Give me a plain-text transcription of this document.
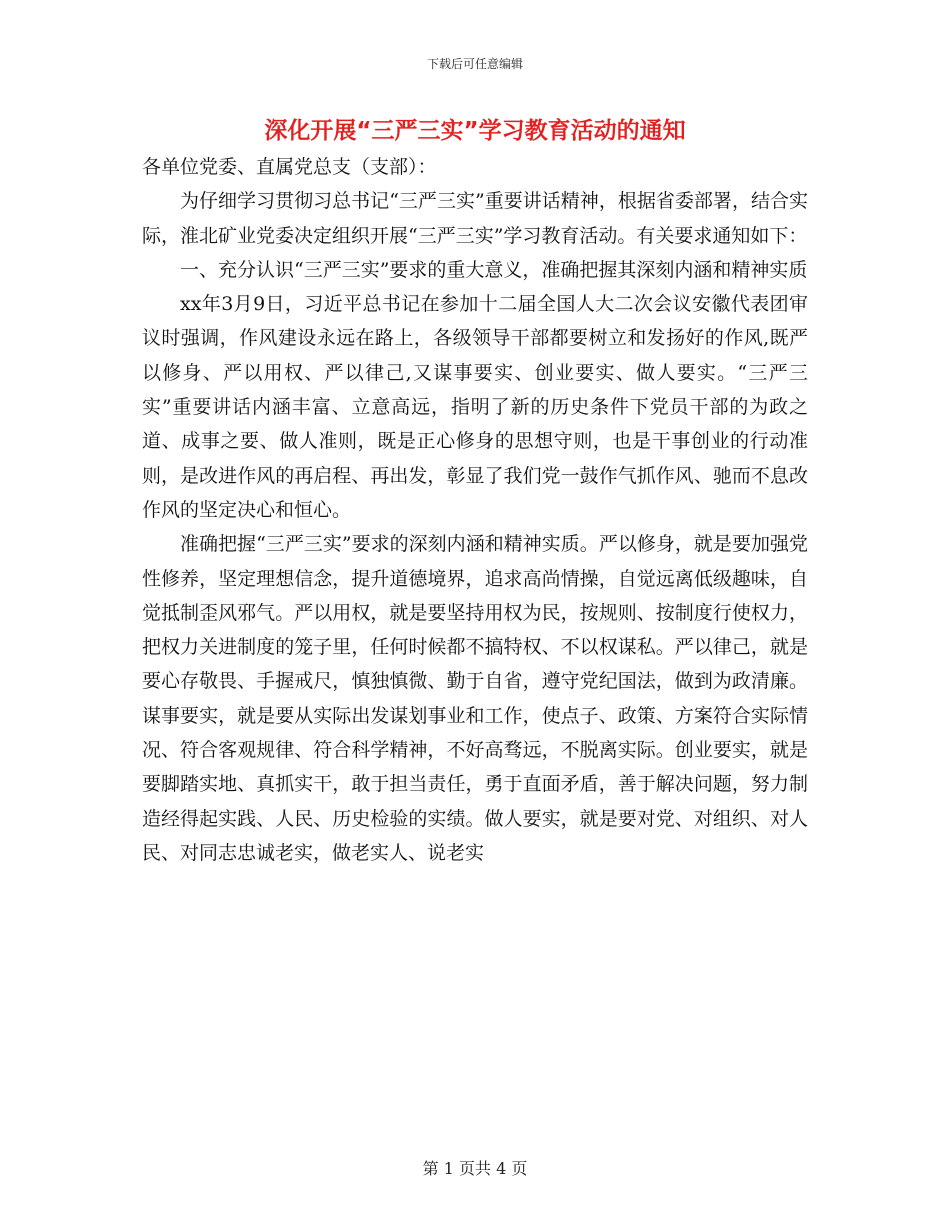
下载后可任意编辑
深化开展“三严三实”学习教育活动的通知

各单位党委、直属党总支（支部）：

为仔细学习贯彻习总书记“三严三实”重要讲话精神，根据省委部署，结合实际，淮北矿业党委决定组织开展“三严三实”学习教育活动。有关要求通知如下：

一、充分认识“三严三实”要求的重大意义，准确把握其深刻内涵和精神实质

xx年3月9日，习近平总书记在参加十二届全国人大二次会议安徽代表团审议时强调，作风建设永远在路上，各级领导干部都要树立和发扬好的作风,既严以修身、严以用权、严以律己,又谋事要实、创业要实、做人要实。“三严三实”重要讲话内涵丰富、立意高远，指明了新的历史条件下党员干部的为政之道、成事之要、做人准则，既是正心修身的思想守则，也是干事创业的行动准则，是改进作风的再启程、再出发，彰显了我们党一鼓作气抓作风、驰而不息改作风的坚定决心和恒心。

准确把握“三严三实”要求的深刻内涵和精神实质。严以修身，就是要加强党性修养，坚定理想信念，提升道德境界，追求高尚情操，自觉远离低级趣味，自觉抵制歪风邪气。严以用权，就是要坚持用权为民，按规则、按制度行使权力，把权力关进制度的笼子里，任何时候都不搞特权、不以权谋私。严以律己，就是要心存敬畏、手握戒尺，慎独慎微、勤于自省，遵守党纪国法，做到为政清廉。谋事要实，就是要从实际出发谋划事业和工作，使点子、政策、方案符合实际情况、符合客观规律、符合科学精神，不好高骛远，不脱离实际。创业要实，就是要脚踏实地、真抓实干，敢于担当责任，勇于直面矛盾，善于解决问题，努力制造经得起实践、人民、历史检验的实绩。做人要实，就是要对党、对组织、对人民、对同志忠诚老实，做老实人、说老实

第 1 页共 4 页
